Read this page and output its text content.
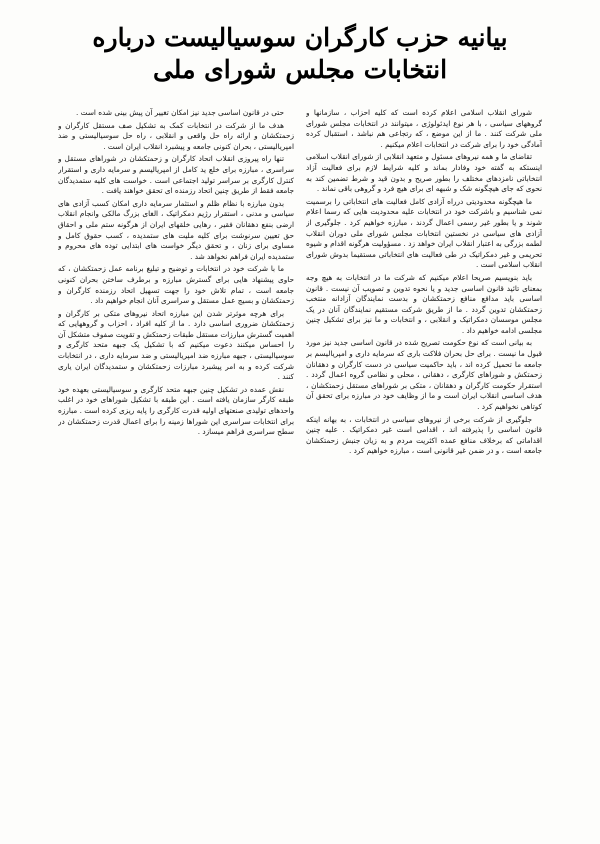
بیانیه حزب کارگران سوسیالیست درباره
انتخابات مجلس شورای ملی

شورای انقلاب اسلامی اعلام کرده است که کلیه احزاب ، سازمانها و گروههای سیاسی ، با هر نوع ایدئولوژی ، میتوانند در انتخابات مجلس شورای ملی شرکت کنند . ما از این موضع ، که رتجاعی هم نباشد ، استقبال کرده آمادگی خود را برای شرکت در انتخابات اعلام میکنیم .

تقاضای ما و همه نیروهای مسئول و متعهد انقلابی از شورای انقلاب اسلامی اینستکه به گفته خود وفادار بماند و کلیه شرایط لازم برای فعالیت آزاد انتخاباتی نامزدهای مختلف را بطور صریح و بدون قید و شرط تضمین کند به نحوی که جای هیچگونه شک و شبهه ای برای هیچ فرد و گروهی باقی نماند .

ما هیچگونه محدودیتی درراه آزادی کامل فعالیت های انتخاباتی را برسمیت نمی شناسیم و باشرکت خود در انتخابات علیه محدودیت هایی که رسما اعلام شوند و یا بطور غیر رسمی اعمال گردند ، مبارزه خواهیم کرد . جلوگیری از آزادی های سیاسی در نخستین انتخابات مجلس شورای ملی دوران انقلاب لطمه بزرگی به اعتبار انقلاب ایران خواهد زد . مسؤولیت هرگونه اقدام و شیوه تحریمی و غیر دمکراتیک در طی فعالیت های انتخاباتی مستقیما بدوش شورای انقلاب اسلامی است .

باید بنویسیم صریحا اعلام میکنیم که شرکت ما در انتخابات به هیچ وجه بمعنای تائید قانون اساسی جدید و یا نحوه تدوین و تصویب آن نیست . قانون اساسی باید مدافع منافع زحمتکشان و بدست نمایندگان آزادانه منتخب زحمتکشان تدوین گردد . ما از طریق شرکت مستقیم نمایندگان آنان در یک مجلس موسسان دمکراتیک و انقلابی ، و انتخابات و ما نیز برای تشکیل چنین مجلسی ادامه خواهیم داد .

به بیانی است که نوع حکومت تصریح شده در قانون اساسی جدید نیز مورد قبول ما نیست . برای حل بحران فلاکت باری که سرمایه داری و امپریالیسم بر جامعه ما تحمیل کرده اند ، باید حاکمیت سیاسی در دست کارگران و دهقانان زحمتکش و شوراهای کارگری ، دهقانی ، محلی و نظامی گروه اعمال گردد . استقرار حکومت کارگران و دهقانان ، متکی بر شوراهای مستقل زحمتکشان ، هدف اساسی انقلاب ایران است و ما از وظایف خود در مبارزه برای تحقق آن کوتاهی نخواهیم کرد .

جلوگیری از شرکت برخی از نیروهای سیاسی در انتخابات ، به بهانه اینکه قانون اساسی را پذیرفته اند ، اقدامی است غیر دمکراتیک . علیه چنین اقداماتی که برخلاف منافع عمده اکثریت مردم و به زیان جنبش زحمتکشان جامعه است ، و در ضمن غیر قانونی است ، مبارزه خواهیم کرد .

حتی در قانون اساسی جدید نیز امکان تغییر آن پیش بینی شده است .

هدف ما از شرکت در انتخابات کمک به تشکیل صف مستقل کارگران و زحمتکشان و ارائه راه حل واقعی و انقلابی ، راه حل سوسیالیستی و ضد امپریالیستی ، بحران کنونی جامعه و پیشبرد انقلاب ایران است .

تنها راه پیروزی انقلاب اتحاد کارگران و زحمتکشان در شوراهای مستقل و سراسری ، مبارزه برای خلع ید کامل از امپریالیسم و سرمایه داری و استقرار کنترل کارگری بر سراسر تولید اجتماعی است . خواست های کلیه ستمدیدگان جامعه فقط از طریق چنین اتحاد رزمنده ای تحقق خواهند یافت .

بدون مبارزه با نظام ظلم و استثمار سرمایه داری امکان کسب آزادی های سیاسی و مدنی ، استقرار رژیم دمکراتیک ، الغای بزرگ مالکی وانجام انقلاب ارضی بنفع دهقانان فقیر ، رهایی خلقهای ایران از هرگونه ستم ملی و احقاق حق تعیین سرنوشت برای کلیه ملیت های ستمدیده ، کسب حقوق کامل و مساوی برای زنان ، و تحقق دیگر خواست های ابتدایی توده های محروم و ستمدیده ایران فراهم نخواهد شد .

ما با شرکت خود در انتخابات و توضیح و تبلیغ برنامه عمل زحمتکشان ، که حاوی پیشنهاد هایی برای گسترش مبارزه و برطرف ساختن بحران کنونی جامعه است ، تمام تلاش خود را جهت تسهیل اتحاد رزمنده کارگران و زحمتکشان و بسیج عمل مستقل و سراسری آنان انجام خواهیم داد .

برای هرچه موثرتر شدن این مبارزه اتحاد نیروهای متکی بر کارگران و زحمتکشان ضروری اساسی دارد . ما از کلیه افراد ، احزاب و گروههایی که اهمیت گسترش مبارزات مستقل طبقات زحمتکش و تقویت صفوف متشکل آن را احساس میکنند دعوت میکنیم که با تشکیل یک جبهه متحد کارگری و سوسیالیستی ، جبهه مبارزه ضد امپریالیستی و ضد سرمایه داری ، در انتخابات شرکت کرده و به امر پیشبرد مبارزات زحمتکشان و ستمدیدگان ایران یاری کنند .

نقش عمده در تشکیل چنین جبهه متحد کارگری و سوسیالیستی بعهده خود طبقه کارگر سازمان یافته است . این طبقه با تشکیل شوراهای خود در اغلب واحدهای تولیدی صنعتهای اولیه قدرت کارگری را پایه ریزی کرده است . مبارزه برای انتخابات سراسری این شوراها زمینه را برای اعمال قدرت زحمتکشان در سطح سراسری فراهم میسازد .
